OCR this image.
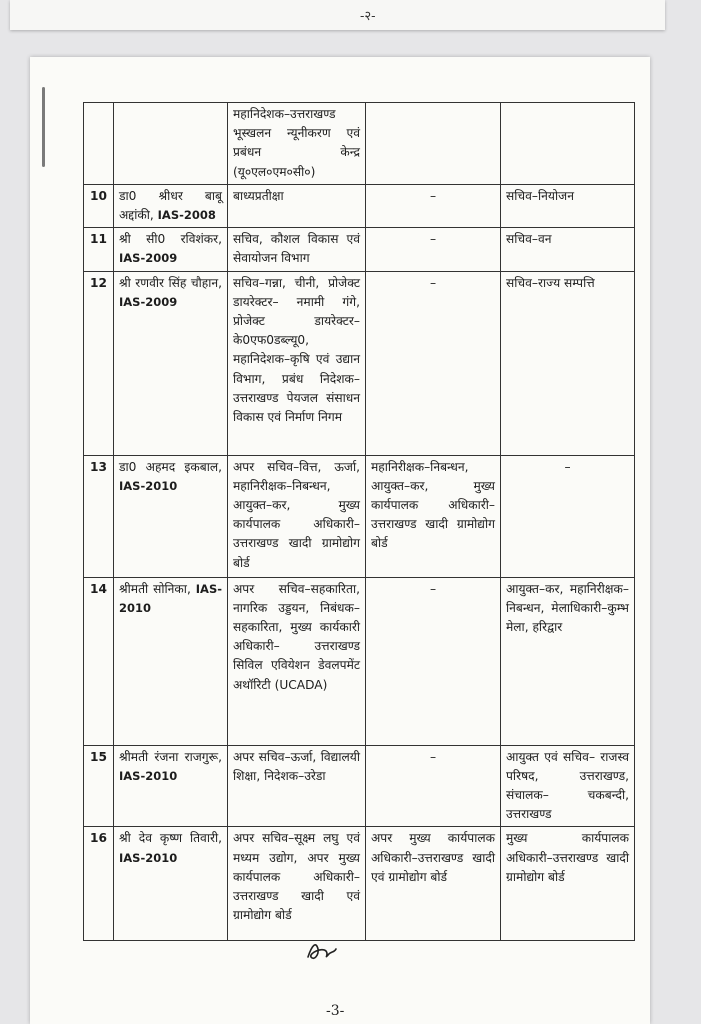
-२-
		महानिदेशक–उत्तराखण्ड भूस्खलन न्यूनीकरण एवं प्रबंधन केन्द्र (यू०एल०एम०सी०)		
10	डा0 श्रीधर बाबू अद्दांकी, IAS-2008	बाध्यप्रतीक्षा	–	सचिव–नियोजन
11	श्री सी0 रविशंकर, IAS-2009	सचिव, कौशल विकास एवं सेवायोजन विभाग	–	सचिव–वन
12	श्री रणवीर सिंह चौहान, IAS-2009	सचिव–गन्ना, चीनी, प्रोजेक्ट डायरेक्टर– नमामी गंगे, प्रोजेक्ट डायरेक्टर–के0एफ0डब्ल्यू0, महानिदेशक–कृषि एवं उद्यान विभाग, प्रबंध निदेशक–उत्तराखण्ड पेयजल संसाधन विकास एवं निर्माण निगम	–	सचिव–राज्य सम्पत्ति
13	डा0 अहमद इकबाल, IAS-2010	अपर सचिव–वित्त, ऊर्जा, महानिरीक्षक–निबन्धन, आयुक्त–कर, मुख्य कार्यपालक अधिकारी– उत्तराखण्ड खादी ग्रामोद्योग बोर्ड	महानिरीक्षक–निबन्धन, आयुक्त–कर, मुख्य कार्यपालक अधिकारी– उत्तराखण्ड खादी ग्रामोद्योग बोर्ड	–
14	श्रीमती सोनिका, IAS-2010	अपर सचिव–सहकारिता, नागरिक उड्डयन, निबंधक–सहकारिता, मुख्य कार्यकारी अधिकारी– उत्तराखण्ड सिविल एवियेशन डेवलपमेंट अथॉरिटी (UCADA)	–	आयुक्त–कर, महानिरीक्षक–निबन्धन, मेलाधिकारी–कुम्भ मेला, हरिद्वार
15	श्रीमती रंजना राजगुरू, IAS-2010	अपर सचिव–ऊर्जा, विद्यालयी शिक्षा, निदेशक–उरेडा	–	आयुक्त एवं सचिव– राजस्व परिषद, उत्तराखण्ड, संचालक– चकबन्दी, उत्तराखण्ड
16	श्री देव कृष्ण तिवारी, IAS-2010	अपर सचिव–सूक्ष्म लघु एवं मध्यम उद्योग, अपर मुख्य कार्यपालक अधिकारी–उत्तराखण्ड खादी एवं ग्रामोद्योग बोर्ड	अपर मुख्य कार्यपालक अधिकारी–उत्तराखण्ड खादी एवं ग्रामोद्योग बोर्ड	मुख्य कार्यपालक अधिकारी–उत्तराखण्ड खादी ग्रामोद्योग बोर्ड
-3-
